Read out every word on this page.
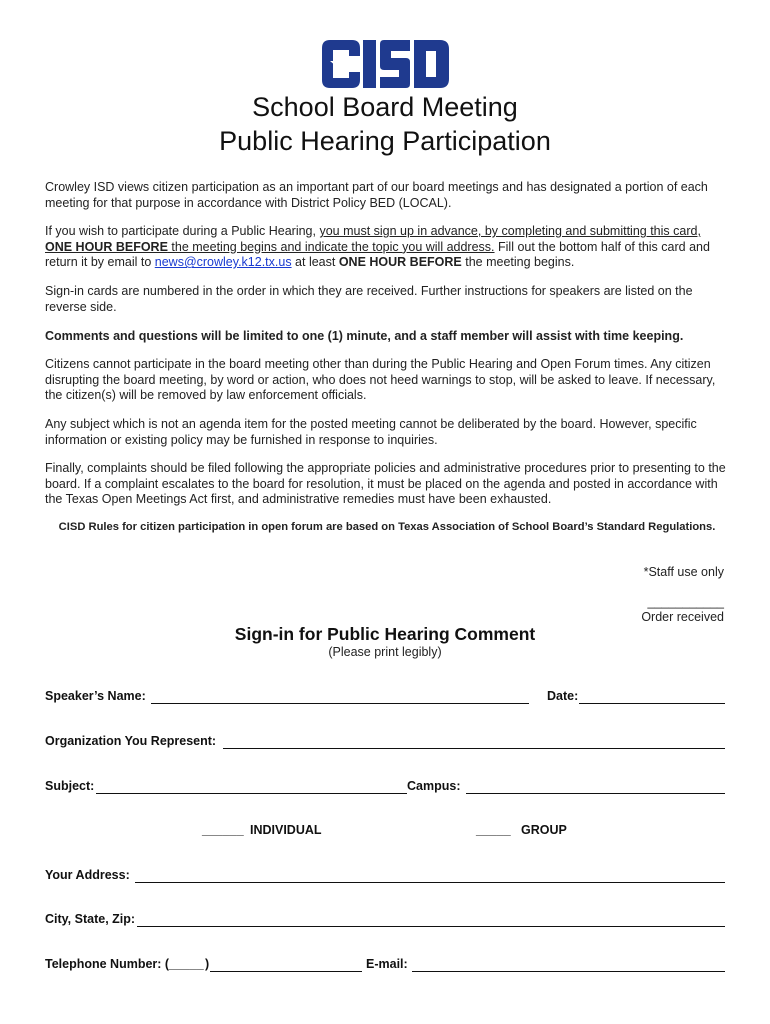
School Board Meeting
Public Hearing Participation

Crowley ISD views citizen participation as an important part of our board meetings and has designated a portion of each meeting for that purpose in accordance with District Policy BED (LOCAL).

If you wish to participate during a Public Hearing, you must sign up in advance, by completing and submitting this card,
ONE HOUR BEFORE the meeting begins and indicate the topic you will address. Fill out the bottom half of this card and return it by email to news@crowley.k12.tx.us at least ONE HOUR BEFORE the meeting begins.

Sign-in cards are numbered in the order in which they are received. Further instructions for speakers are listed on the reverse side.

Comments and questions will be limited to one (1) minute, and a staff member will assist with time keeping.

Citizens cannot participate in the board meeting other than during the Public Hearing and Open Forum times. Any citizen disrupting the board meeting, by word or action, who does not heed warnings to stop, will be asked to leave. If necessary, the citizen(s) will be removed by law enforcement officials.

Any subject which is not an agenda item for the posted meeting cannot be deliberated by the board. However, specific information or existing policy may be furnished in response to inquiries.

Finally, complaints should be filed following the appropriate policies and administrative procedures prior to presenting to the board. If a complaint escalates to the board for resolution, it must be placed on the agenda and posted in accordance with the Texas Open Meetings Act first, and administrative remedies must have been exhausted.

CISD Rules for citizen participation in open forum are based on Texas Association of School Board’s Standard Regulations.
*Staff use only
___________
Order received
Sign-in for Public Hearing Comment
(Please print legibly)
Speaker’s Name:	Date:
Organization You Represent:
Subject:	Campus:
______ INDIVIDUAL	_____ GROUP
Your Address:
City, State, Zip:
Telephone Number: ( _____ )	E-mail:
